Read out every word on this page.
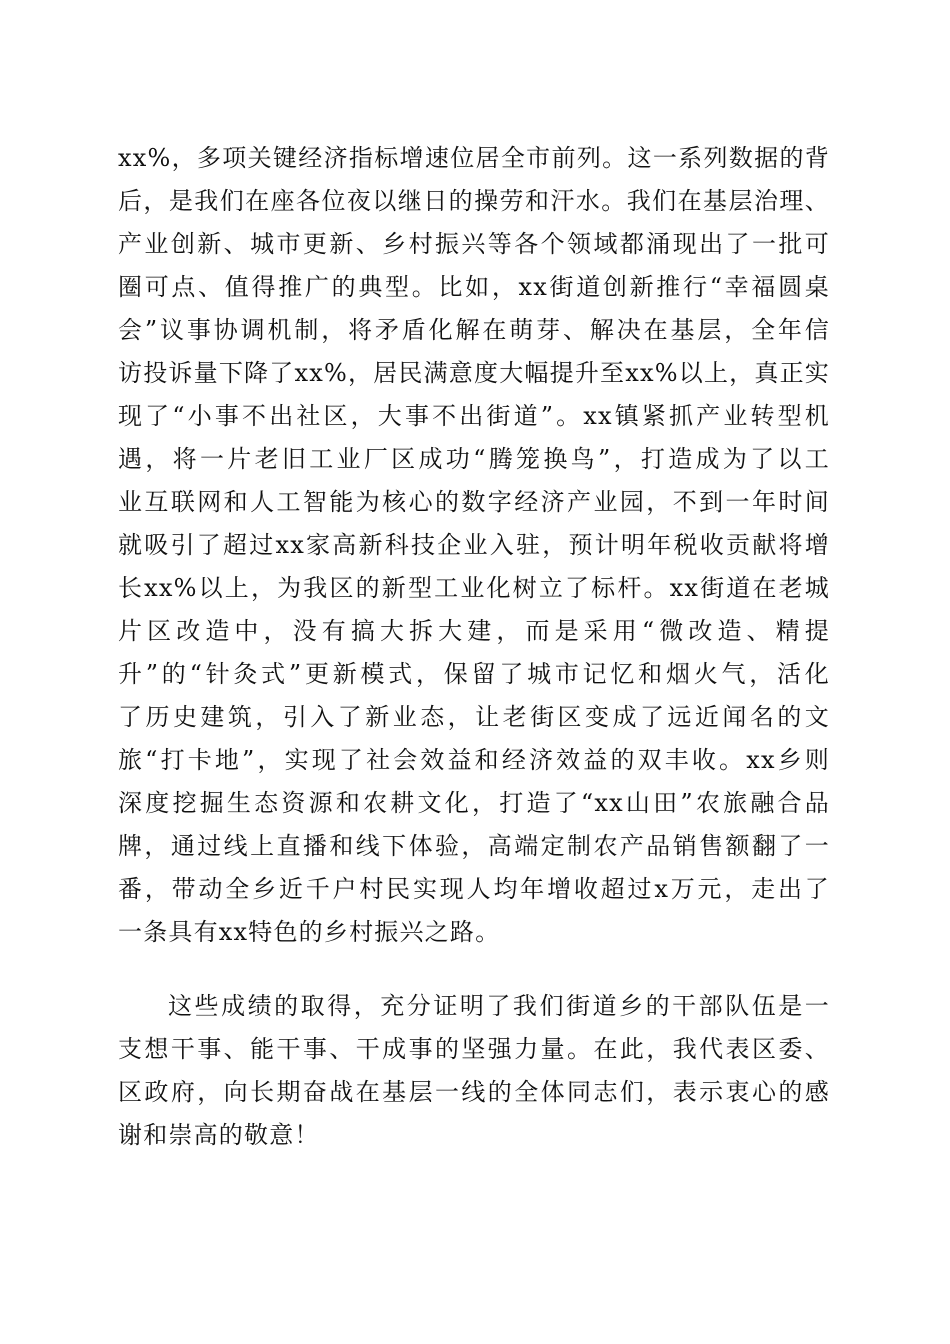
xx%，多项关键经济指标增速位居全市前列。这一系列数据的背
后，是我们在座各位夜以继日的操劳和汗水。我们在基层治理、
产业创新、城市更新、乡村振兴等各个领域都涌现出了一批可
圈可点、值得推广的典型。比如，xx街道创新推行“幸福圆桌
会”议事协调机制，将矛盾化解在萌芽、解决在基层，全年信
访投诉量下降了xx%，居民满意度大幅提升至xx%以上，真正实
现了“小事不出社区，大事不出街道”。xx镇紧抓产业转型机
遇，将一片老旧工业厂区成功“腾笼换鸟”，打造成为了以工
业互联网和人工智能为核心的数字经济产业园，不到一年时间
就吸引了超过xx家高新科技企业入驻，预计明年税收贡献将增
长xx%以上，为我区的新型工业化树立了标杆。xx街道在老城
片区改造中，没有搞大拆大建，而是采用“微改造、精提
升”的“针灸式”更新模式，保留了城市记忆和烟火气，活化
了历史建筑，引入了新业态，让老街区变成了远近闻名的文
旅“打卡地”，实现了社会效益和经济效益的双丰收。xx乡则
深度挖掘生态资源和农耕文化，打造了“xx山田”农旅融合品
牌，通过线上直播和线下体验，高端定制农产品销售额翻了一
番，带动全乡近千户村民实现人均年增收超过x万元，走出了
一条具有xx特色的乡村振兴之路。
这些成绩的取得，充分证明了我们街道乡的干部队伍是一
支想干事、能干事、干成事的坚强力量。在此，我代表区委、
区政府，向长期奋战在基层一线的全体同志们，表示衷心的感
谢和崇高的敬意！
